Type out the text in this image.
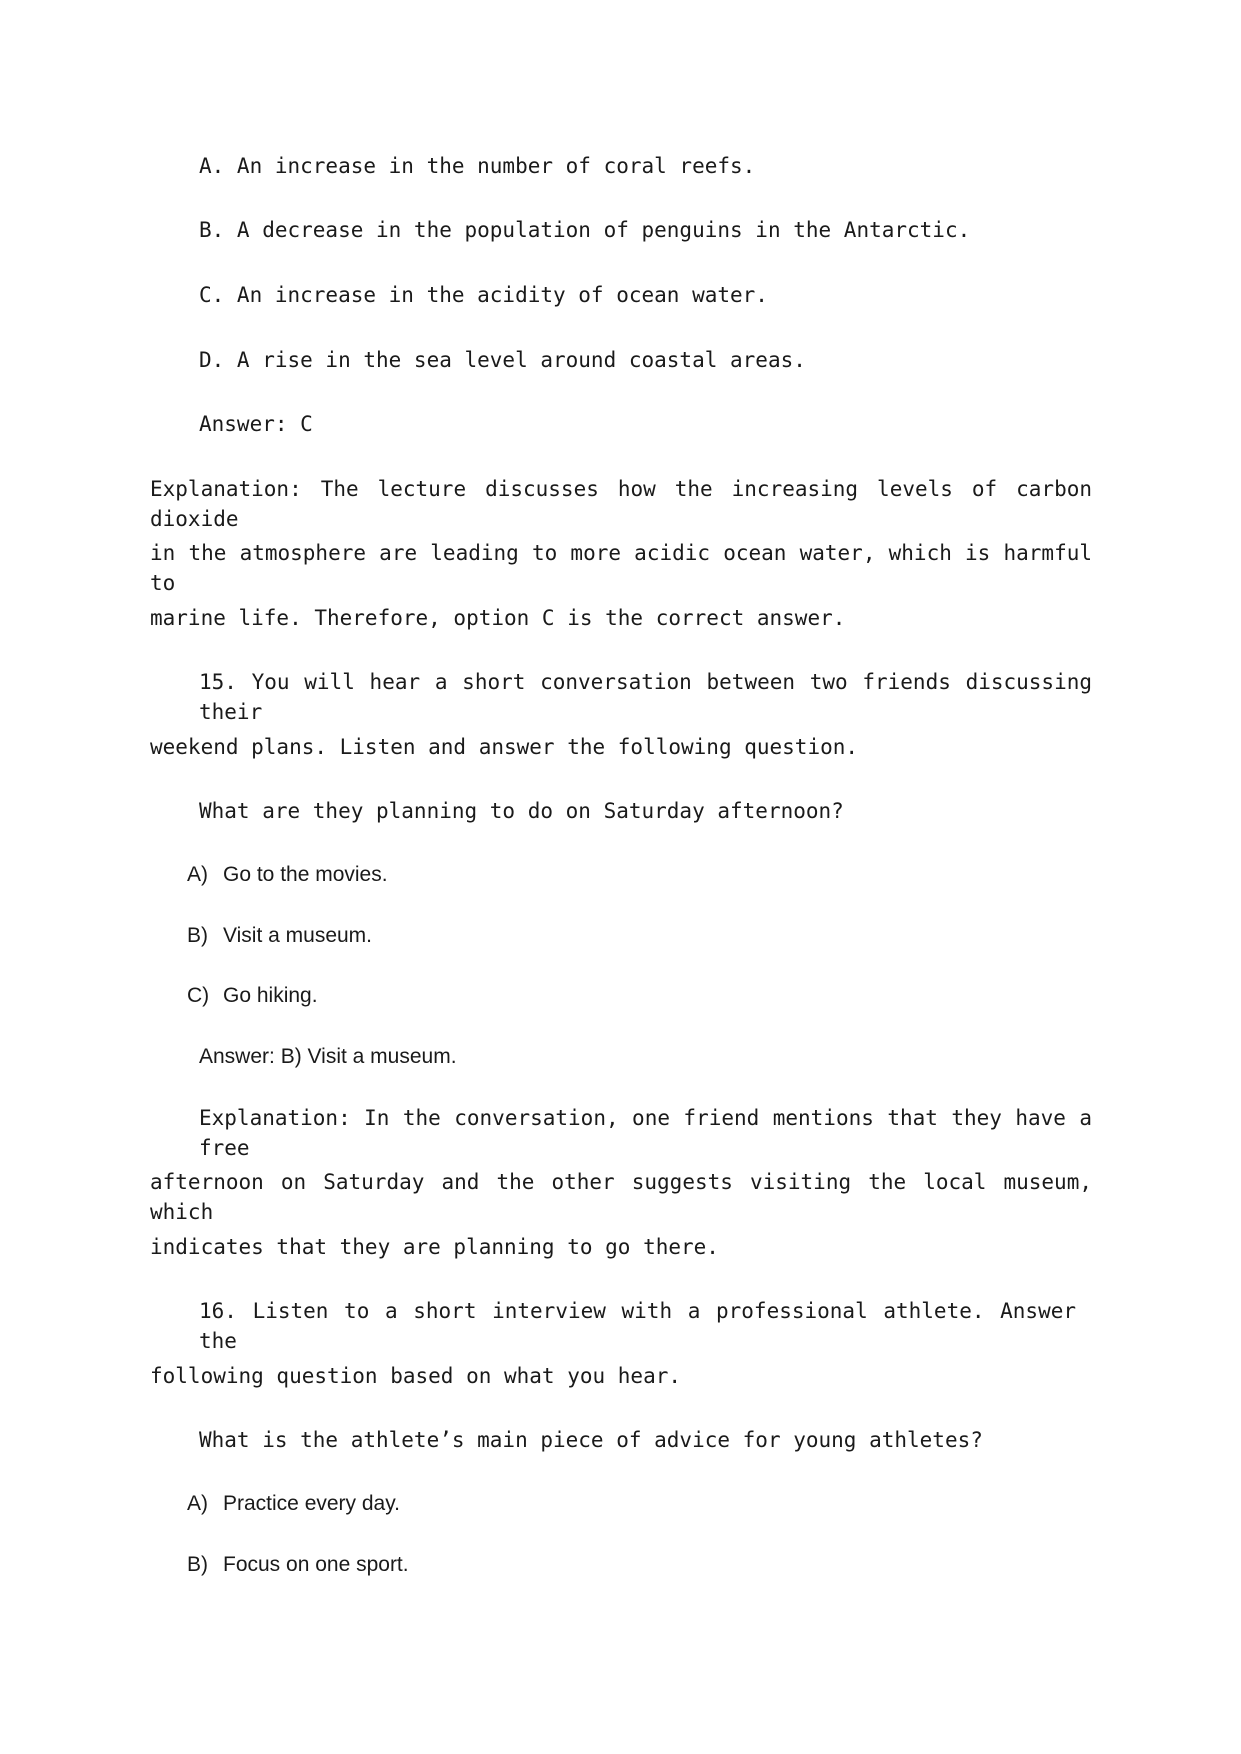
A. An increase in the number of coral reefs.
B. A decrease in the population of penguins in the Antarctic.
C. An increase in the acidity of ocean water.
D. A rise in the sea level around coastal areas.
Answer: C
Explanation: The lecture discusses how the increasing levels of carbon dioxide
in the atmosphere are leading to more acidic ocean water, which is harmful to
marine life. Therefore, option C is the correct answer.
15. You will hear a short conversation between two friends discussing their
weekend plans. Listen and answer the following question.
What are they planning to do on Saturday afternoon?
A) Go to the movies.
B) Visit a museum.
C) Go hiking.
Answer: B) Visit a museum.
Explanation: In the conversation, one friend mentions that they have a free
afternoon on Saturday and the other suggests visiting the local museum, which
indicates that they are planning to go there.
16. Listen to a short interview with a professional athlete. Answer the
following question based on what you hear.
What is the athlete’s main piece of advice for young athletes?
A) Practice every day.
B) Focus on one sport.
